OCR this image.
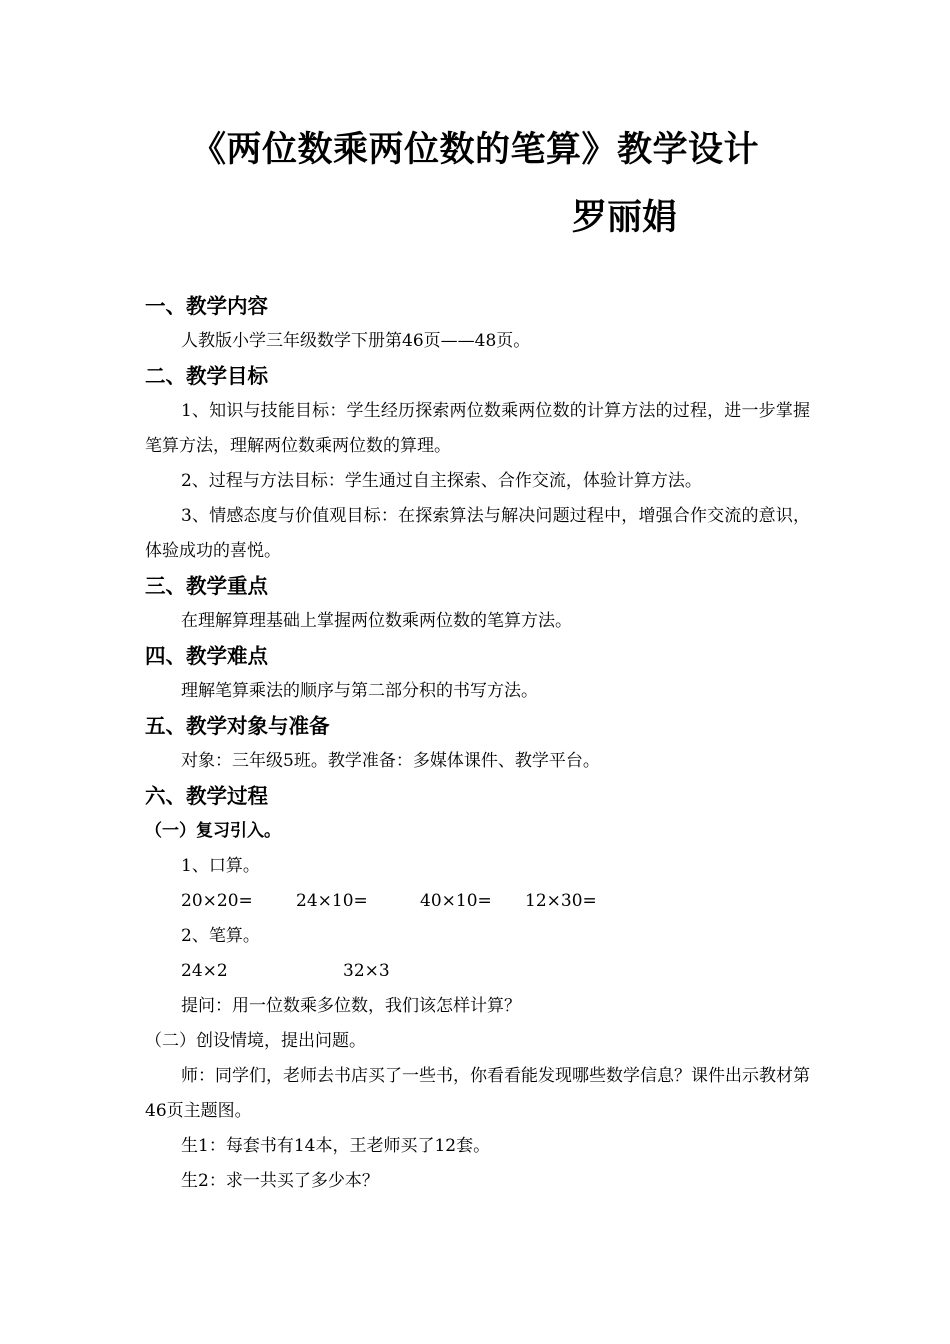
《两位数乘两位数的笔算》教学设计
罗丽娟
一、教学内容
人教版小学三年级数学下册第46页——48页。
二、教学目标
1、知识与技能目标：学生经历探索两位数乘两位数的计算方法的过程，进一步掌握笔算方法，理解两位数乘两位数的算理。
2、过程与方法目标：学生通过自主探索、合作交流，体验计算方法。
3、情感态度与价值观目标：在探索算法与解决问题过程中，增强合作交流的意识，体验成功的喜悦。
三、教学重点
在理解算理基础上掌握两位数乘两位数的笔算方法。
四、教学难点
理解笔算乘法的顺序与第二部分积的书写方法。
五、教学对象与准备
对象：三年级5班。教学准备：多媒体课件、教学平台。
六、教学过程
（一）复习引入。
1、口算。
20×20=	24×10=	40×10= 12×30=
2、笔算。
24×2	32×3
提问：用一位数乘多位数，我们该怎样计算？
（二）创设情境，提出问题。
师：同学们，老师去书店买了一些书，你看看能发现哪些数学信息？课件出示教材第46页主题图。
生1：每套书有14本，王老师买了12套。
生2：求一共买了多少本？
